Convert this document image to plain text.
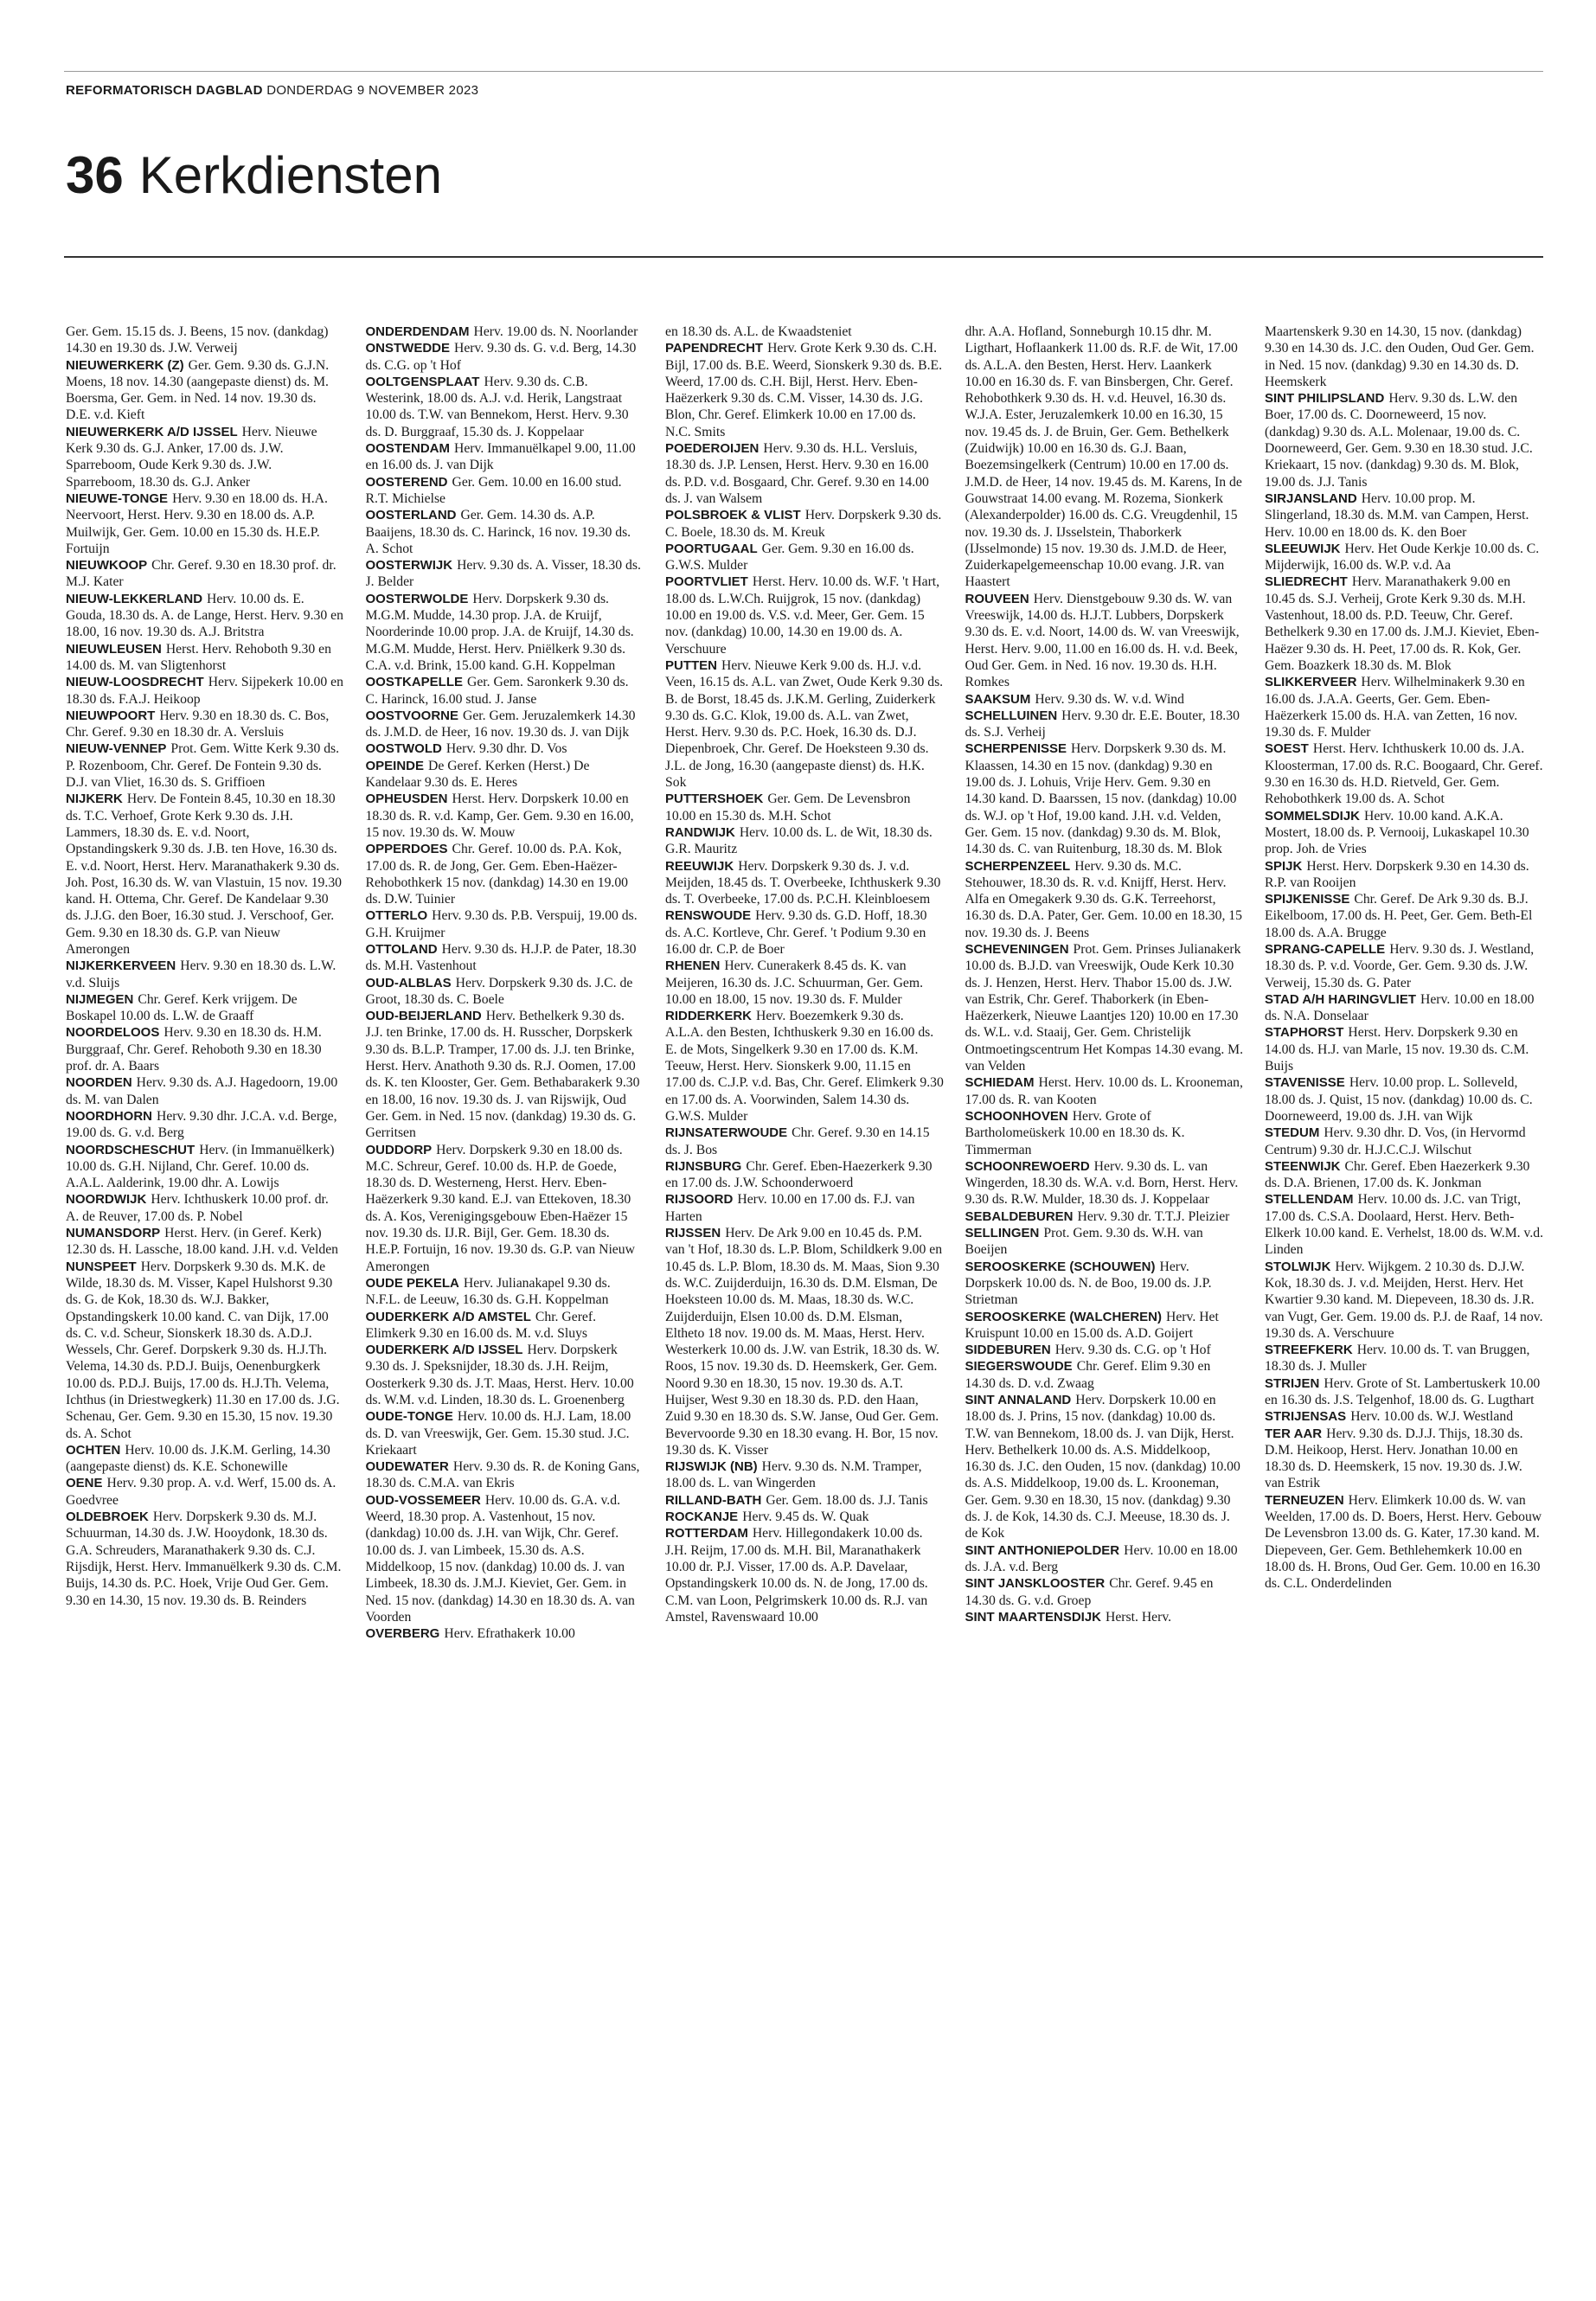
REFORMATORISCH DAGBLAD DONDERDAG 9 NOVEMBER 2023
36 Kerkdiensten

Ger. Gem. 15.15 ds. J. Beens, 15 nov. (dankdag) 14.30 en 19.30 ds. J.W. Verweij

NIEUWERKERK (Z) Ger. Gem. 9.30 ds. G.J.N. Moens, 18 nov. 14.30 (aangepaste dienst) ds. M. Boersma, Ger. Gem. in Ned. 14 nov. 19.30 ds. D.E. v.d. Kieft

NIEUWERKERK A/D IJSSEL Herv. Nieuwe Kerk 9.30 ds. G.J. Anker, 17.00 ds. J.W. Sparreboom, Oude Kerk 9.30 ds. J.W. Sparreboom, 18.30 ds. G.J. Anker

NIEUWE-TONGE Herv. 9.30 en 18.00 ds. H.A. Neervoort, Herst. Herv. 9.30 en 18.00 ds. A.P. Muilwijk, Ger. Gem. 10.00 en 15.30 ds. H.E.P. Fortuijn

NIEUWKOOP Chr. Geref. 9.30 en 18.30 prof. dr. M.J. Kater

NIEUW-LEKKERLAND Herv. 10.00 ds. E. Gouda, 18.30 ds. A. de Lange, Herst. Herv. 9.30 en 18.00, 16 nov. 19.30 ds. A.J. Britstra

NIEUWLEUSEN Herst. Herv. Rehoboth 9.30 en 14.00 ds. M. van Sligtenhorst

NIEUW-LOOSDRECHT Herv. Sijpekerk 10.00 en 18.30 ds. F.A.J. Heikoop

NIEUWPOORT Herv. 9.30 en 18.30 ds. C. Bos, Chr. Geref. 9.30 en 18.30 dr. A. Versluis

NIEUW-VENNEP Prot. Gem. Witte Kerk 9.30 ds. P. Rozenboom, Chr. Geref. De Fontein 9.30 ds. D.J. van Vliet, 16.30 ds. S. Griffioen

NIJKERK Herv. De Fontein 8.45, 10.30 en 18.30 ds. T.C. Verhoef, Grote Kerk 9.30 ds. J.H. Lammers, 18.30 ds. E. v.d. Noort, Opstandingskerk 9.30 ds. J.B. ten Hove, 16.30 ds. E. v.d. Noort, Herst. Herv. Maranathakerk 9.30 ds. Joh. Post, 16.30 ds. W. van Vlastuin, 15 nov. 19.30 kand. H. Ottema, Chr. Geref. De Kandelaar 9.30 ds. J.J.G. den Boer, 16.30 stud. J. Verschoof, Ger. Gem. 9.30 en 18.30 ds. G.P. van Nieuw Amerongen

NIJKERKERVEEN Herv. 9.30 en 18.30 ds. L.W. v.d. Sluijs

NIJMEGEN Chr. Geref. Kerk vrijgem. De Boskapel 10.00 ds. L.W. de Graaff

NOORDELOOS Herv. 9.30 en 18.30 ds. H.M. Burggraaf, Chr. Geref. Rehoboth 9.30 en 18.30 prof. dr. A. Baars

NOORDEN Herv. 9.30 ds. A.J. Hagedoorn, 19.00 ds. M. van Dalen

NOORDHORN Herv. 9.30 dhr. J.C.A. v.d. Berge, 19.00 ds. G. v.d. Berg

NOORDSCHESCHUT Herv. (in Immanuëlkerk) 10.00 ds. G.H. Nijland, Chr. Geref. 10.00 ds. A.A.L. Aalderink, 19.00 dhr. A. Lowijs

NOORDWIJK Herv. Ichthuskerk 10.00 prof. dr. A. de Reuver, 17.00 ds. P. Nobel

NUMANSDORP Herst. Herv. (in Geref. Kerk) 12.30 ds. H. Lassche, 18.00 kand. J.H. v.d. Velden

NUNSPEET Herv. Dorpskerk 9.30 ds. M.K. de Wilde, 18.30 ds. M. Visser, Kapel Hulshorst 9.30 ds. G. de Kok, 18.30 ds. W.J. Bakker, Opstandingskerk 10.00 kand. C. van Dijk, 17.00 ds. C. v.d. Scheur, Sionskerk 18.30 ds. A.D.J. Wessels, Chr. Geref. Dorpskerk 9.30 ds. H.J.Th. Velema, 14.30 ds. P.D.J. Buijs, Oenenburgkerk 10.00 ds. P.D.J. Buijs, 17.00 ds. H.J.Th. Velema, Ichthus (in Driestwegkerk) 11.30 en 17.00 ds. J.G. Schenau, Ger. Gem. 9.30 en 15.30, 15 nov. 19.30 ds. A. Schot

OCHTEN Herv. 10.00 ds. J.K.M. Gerling, 14.30 (aangepaste dienst) ds. K.E. Schonewille

OENE Herv. 9.30 prop. A. v.d. Werf, 15.00 ds. A. Goedvree

OLDEBROEK Herv. Dorpskerk 9.30 ds. M.J. Schuurman, 14.30 ds. J.W. Hooydonk, 18.30 ds. G.A. Schreuders, Maranathakerk 9.30 ds. C.J. Rijsdijk, Herst. Herv. Immanuëlkerk 9.30 ds. C.M. Buijs, 14.30 ds. P.C. Hoek, Vrije Oud Ger. Gem. 9.30 en 14.30, 15 nov. 19.30 ds. B. Reinders

ONDERDENDAM Herv. 19.00 ds. N. Noorlander

ONSTWEDDE Herv. 9.30 ds. G. v.d. Berg, 14.30 ds. C.G. op 't Hof

OOLTGENSPLAAT Herv. 9.30 ds. C.B. Westerink, 18.00 ds. A.J. v.d. Herik, Langstraat 10.00 ds. T.W. van Bennekom, Herst. Herv. 9.30 ds. D. Burggraaf, 15.30 ds. J. Koppelaar

OOSTENDAM Herv. Immanuëlkapel 9.00, 11.00 en 16.00 ds. J. van Dijk

OOSTEREND Ger. Gem. 10.00 en 16.00 stud. R.T. Michielse

OOSTERLAND Ger. Gem. 14.30 ds. A.P. Baaijens, 18.30 ds. C. Harinck, 16 nov. 19.30 ds. A. Schot

OOSTERWIJK Herv. 9.30 ds. A. Visser, 18.30 ds. J. Belder

OOSTERWOLDE Herv. Dorpskerk 9.30 ds. M.G.M. Mudde, 14.30 prop. J.A. de Kruijf, Noorderinde 10.00 prop. J.A. de Kruijf, 14.30 ds. M.G.M. Mudde, Herst. Herv. Pniëlkerk 9.30 ds. C.A. v.d. Brink, 15.00 kand. G.H. Koppelman

OOSTKAPELLE Ger. Gem. Saronkerk 9.30 ds. C. Harinck, 16.00 stud. J. Janse

OOSTVOORNE Ger. Gem. Jeruzalemkerk 14.30 ds. J.M.D. de Heer, 16 nov. 19.30 ds. J. van Dijk

OOSTWOLD Herv. 9.30 dhr. D. Vos

OPEINDE De Geref. Kerken (Herst.) De Kandelaar 9.30 ds. E. Heres

OPHEUSDEN Herst. Herv. Dorpskerk 10.00 en 18.30 ds. R. v.d. Kamp, Ger. Gem. 9.30 en 16.00, 15 nov. 19.30 ds. W. Mouw

OPPERDOES Chr. Geref. 10.00 ds. P.A. Kok, 17.00 ds. R. de Jong, Ger. Gem. Eben-Haëzer-Rehobothkerk 15 nov. (dankdag) 14.30 en 19.00 ds. D.W. Tuinier

OTTERLO Herv. 9.30 ds. P.B. Verspuij, 19.00 ds. G.H. Kruijmer

OTTOLAND Herv. 9.30 ds. H.J.P. de Pater, 18.30 ds. M.H. Vastenhout

OUD-ALBLAS Herv. Dorpskerk 9.30 ds. J.C. de Groot, 18.30 ds. C. Boele

OUD-BEIJERLAND Herv. Bethelkerk 9.30 ds. J.J. ten Brinke, 17.00 ds. H. Russcher, Dorpskerk 9.30 ds. B.L.P. Tramper, 17.00 ds. J.J. ten Brinke, Herst. Herv. Anathoth 9.30 ds. R.J. Oomen, 17.00 ds. K. ten Klooster, Ger. Gem. Bethabarakerk 9.30 en 18.00, 16 nov. 19.30 ds. J. van Rijswijk, Oud Ger. Gem. in Ned. 15 nov. (dankdag) 19.30 ds. G. Gerritsen

OUDDORP Herv. Dorpskerk 9.30 en 18.00 ds. M.C. Schreur, Geref. 10.00 ds. H.P. de Goede, 18.30 ds. D. Westerneng, Herst. Herv. Eben-Haëzerkerk 9.30 kand. E.J. van Ettekoven, 18.30 ds. A. Kos, Verenigingsgebouw Eben-Haëzer 15 nov. 19.30 ds. IJ.R. Bijl, Ger. Gem. 18.30 ds. H.E.P. Fortuijn, 16 nov. 19.30 ds. G.P. van Nieuw Amerongen

OUDE PEKELA Herv. Julianakapel 9.30 ds. N.F.L. de Leeuw, 16.30 ds. G.H. Koppelman

OUDERKERK A/D AMSTEL Chr. Geref. Elimkerk 9.30 en 16.00 ds. M. v.d. Sluys

OUDERKERK A/D IJSSEL Herv. Dorpskerk 9.30 ds. J. Speksnijder, 18.30 ds. J.H. Reijm, Oosterkerk 9.30 ds. J.T. Maas, Herst. Herv. 10.00 ds. W.M. v.d. Linden, 18.30 ds. L. Groenenberg

OUDE-TONGE Herv. 10.00 ds. H.J. Lam, 18.00 ds. D. van Vreeswijk, Ger. Gem. 15.30 stud. J.C. Kriekaart

OUDEWATER Herv. 9.30 ds. R. de Koning Gans, 18.30 ds. C.M.A. van Ekris

OUD-VOSSEMEER Herv. 10.00 ds. G.A. v.d. Weerd, 18.30 prop. A. Vastenhout, 15 nov. (dankdag) 10.00 ds. J.H. van Wijk, Chr. Geref. 10.00 ds. J. van Limbeek, 15.30 ds. A.S. Middelkoop, 15 nov. (dankdag) 10.00 ds. J. van Limbeek, 18.30 ds. J.M.J. Kieviet, Ger. Gem. in Ned. 15 nov. (dankdag) 14.30 en 18.30 ds. A. van Voorden

OVERBERG Herv. Efrathakerk 10.00

en 18.30 ds. A.L. de Kwaadsteniet

PAPENDRECHT Herv. Grote Kerk 9.30 ds. C.H. Bijl, 17.00 ds. B.E. Weerd, Sionskerk 9.30 ds. B.E. Weerd, 17.00 ds. C.H. Bijl, Herst. Herv. Eben-Haëzerkerk 9.30 ds. C.M. Visser, 14.30 ds. J.G. Blon, Chr. Geref. Elimkerk 10.00 en 17.00 ds. N.C. Smits

POEDEROIJEN Herv. 9.30 ds. H.L. Versluis, 18.30 ds. J.P. Lensen, Herst. Herv. 9.30 en 16.00 ds. P.D. v.d. Bosgaard, Chr. Geref. 9.30 en 14.00 ds. J. van Walsem

POLSBROEK & VLIST Herv. Dorpskerk 9.30 ds. C. Boele, 18.30 ds. M. Kreuk

POORTUGAAL Ger. Gem. 9.30 en 16.00 ds. G.W.S. Mulder

POORTVLIET Herst. Herv. 10.00 ds. W.F. 't Hart, 18.00 ds. L.W.Ch. Ruijgrok, 15 nov. (dankdag) 10.00 en 19.00 ds. V.S. v.d. Meer, Ger. Gem. 15 nov. (dankdag) 10.00, 14.30 en 19.00 ds. A. Verschuure

PUTTEN Herv. Nieuwe Kerk 9.00 ds. H.J. v.d. Veen, 16.15 ds. A.L. van Zwet, Oude Kerk 9.30 ds. B. de Borst, 18.45 ds. J.K.M. Gerling, Zuiderkerk 9.30 ds. G.C. Klok, 19.00 ds. A.L. van Zwet, Herst. Herv. 9.30 ds. P.C. Hoek, 16.30 ds. D.J. Diepenbroek, Chr. Geref. De Hoeksteen 9.30 ds. J.L. de Jong, 16.30 (aangepaste dienst) ds. H.K. Sok

PUTTERSHOEK Ger. Gem. De Levensbron 10.00 en 15.30 ds. M.H. Schot

RANDWIJK Herv. 10.00 ds. L. de Wit, 18.30 ds. G.R. Mauritz

REEUWIJK Herv. Dorpskerk 9.30 ds. J. v.d. Meijden, 18.45 ds. T. Overbeeke, Ichthuskerk 9.30 ds. T. Overbeeke, 17.00 ds. P.C.H. Kleinbloesem

RENSWOUDE Herv. 9.30 ds. G.D. Hoff, 18.30 ds. A.C. Kortleve, Chr. Geref. 't Podium 9.30 en 16.00 dr. C.P. de Boer

RHENEN Herv. Cunerakerk 8.45 ds. K. van Meijeren, 16.30 ds. J.C. Schuurman, Ger. Gem. 10.00 en 18.00, 15 nov. 19.30 ds. F. Mulder

RIDDERKERK Herv. Boezemkerk 9.30 ds. A.L.A. den Besten, Ichthuskerk 9.30 en 16.00 ds. E. de Mots, Singelkerk 9.30 en 17.00 ds. K.M. Teeuw, Herst. Herv. Sionskerk 9.00, 11.15 en 17.00 ds. C.J.P. v.d. Bas, Chr. Geref. Elimkerk 9.30 en 17.00 ds. A. Voorwinden, Salem 14.30 ds. G.W.S. Mulder

RIJNSATERWOUDE Chr. Geref. 9.30 en 14.15 ds. J. Bos

RIJNSBURG Chr. Geref. Eben-Haezerkerk 9.30 en 17.00 ds. J.W. Schoonderwoerd

RIJSOORD Herv. 10.00 en 17.00 ds. F.J. van Harten

RIJSSEN Herv. De Ark 9.00 en 10.45 ds. P.M. van 't Hof, 18.30 ds. L.P. Blom, Schildkerk 9.00 en 10.45 ds. L.P. Blom, 18.30 ds. M. Maas, Sion 9.30 ds. W.C. Zuijderduijn, 16.30 ds. D.M. Elsman, De Hoeksteen 10.00 ds. M. Maas, 18.30 ds. W.C. Zuijderduijn, Elsen 10.00 ds. D.M. Elsman, Eltheto 18 nov. 19.00 ds. M. Maas, Herst. Herv. Westerkerk 10.00 ds. J.W. van Estrik, 18.30 ds. W. Roos, 15 nov. 19.30 ds. D. Heemskerk, Ger. Gem. Noord 9.30 en 18.30, 15 nov. 19.30 ds. A.T. Huijser, West 9.30 en 18.30 ds. P.D. den Haan, Zuid 9.30 en 18.30 ds. S.W. Janse, Oud Ger. Gem. Bevervoorde 9.30 en 18.30 evang. H. Bor, 15 nov. 19.30 ds. K. Visser

RIJSWIJK (NB) Herv. 9.30 ds. N.M. Tramper, 18.00 ds. L. van Wingerden

RILLAND-BATH Ger. Gem. 18.00 ds. J.J. Tanis

ROCKANJE Herv. 9.45 ds. W. Quak

ROTTERDAM Herv. Hillegondakerk 10.00 ds. J.H. Reijm, 17.00 ds. M.H. Bil, Maranathakerk 10.00 dr. P.J. Visser, 17.00 ds. A.P. Davelaar, Opstandingskerk 10.00 ds. N. de Jong, 17.00 ds. C.M. van Loon, Pelgrimskerk 10.00 ds. R.J. van Amstel, Ravenswaard 10.00

dhr. A.A. Hofland, Sonneburgh 10.15 dhr. M. Ligthart, Hoflaankerk 11.00 ds. R.F. de Wit, 17.00 ds. A.L.A. den Besten, Herst. Herv. Laankerk 10.00 en 16.30 ds. F. van Binsbergen, Chr. Geref. Rehobothkerk 9.30 ds. H. v.d. Heuvel, 16.30 ds. W.J.A. Ester, Jeruzalemkerk 10.00 en 16.30, 15 nov. 19.45 ds. J. de Bruin, Ger. Gem. Bethelkerk (Zuidwijk) 10.00 en 16.30 ds. G.J. Baan, Boezemsingelkerk (Centrum) 10.00 en 17.00 ds. J.M.D. de Heer, 14 nov. 19.45 ds. M. Karens, In de Gouwstraat 14.00 evang. M. Rozema, Sionkerk (Alexanderpolder) 16.00 ds. C.G. Vreugdenhil, 15 nov. 19.30 ds. J. IJsselstein, Thaborkerk (IJsselmonde) 15 nov. 19.30 ds. J.M.D. de Heer, Zuiderkapelgemeenschap 10.00 evang. J.R. van Haastert

ROUVEEN Herv. Dienstgebouw 9.30 ds. W. van Vreeswijk, 14.00 ds. H.J.T. Lubbers, Dorpskerk 9.30 ds. E. v.d. Noort, 14.00 ds. W. van Vreeswijk, Herst. Herv. 9.00, 11.00 en 16.00 ds. H. v.d. Beek, Oud Ger. Gem. in Ned. 16 nov. 19.30 ds. H.H. Romkes

SAAKSUM Herv. 9.30 ds. W. v.d. Wind

SCHELLUINEN Herv. 9.30 dr. E.E. Bouter, 18.30 ds. S.J. Verheij

SCHERPENISSE Herv. Dorpskerk 9.30 ds. M. Klaassen, 14.30 en 15 nov. (dankdag) 9.30 en 19.00 ds. J. Lohuis, Vrije Herv. Gem. 9.30 en 14.30 kand. D. Baarssen, 15 nov. (dankdag) 10.00 ds. W.J. op 't Hof, 19.00 kand. J.H. v.d. Velden, Ger. Gem. 15 nov. (dankdag) 9.30 ds. M. Blok, 14.30 ds. C. van Ruitenburg, 18.30 ds. M. Blok

SCHERPENZEEL Herv. 9.30 ds. M.C. Stehouwer, 18.30 ds. R. v.d. Knijff, Herst. Herv. Alfa en Omegakerk 9.30 ds. G.K. Terreehorst, 16.30 ds. D.A. Pater, Ger. Gem. 10.00 en 18.30, 15 nov. 19.30 ds. J. Beens

SCHEVENINGEN Prot. Gem. Prinses Julianakerk 10.00 ds. B.J.D. van Vreeswijk, Oude Kerk 10.30 ds. J. Henzen, Herst. Herv. Thabor 15.00 ds. J.W. van Estrik, Chr. Geref. Thaborkerk (in Eben-Haëzerkerk, Nieuwe Laantjes 120) 10.00 en 17.30 ds. W.L. v.d. Staaij, Ger. Gem. Christelijk Ontmoetingscentrum Het Kompas 14.30 evang. M. van Velden

SCHIEDAM Herst. Herv. 10.00 ds. L. Krooneman, 17.00 ds. R. van Kooten

SCHOONHOVEN Herv. Grote of Bartholomeüskerk 10.00 en 18.30 ds. K. Timmerman

SCHOONREWOERD Herv. 9.30 ds. L. van Wingerden, 18.30 ds. W.A. v.d. Born, Herst. Herv. 9.30 ds. R.W. Mulder, 18.30 ds. J. Koppelaar

SEBALDEBUREN Herv. 9.30 dr. T.T.J. Pleizier

SELLINGEN Prot. Gem. 9.30 ds. W.H. van Boeijen

SEROOSKERKE (SCHOUWEN) Herv. Dorpskerk 10.00 ds. N. de Boo, 19.00 ds. J.P. Strietman

SEROOSKERKE (WALCHEREN) Herv. Het Kruispunt 10.00 en 15.00 ds. A.D. Goijert

SIDDEBUREN Herv. 9.30 ds. C.G. op 't Hof

SIEGERSWOUDE Chr. Geref. Elim 9.30 en 14.30 ds. D. v.d. Zwaag

SINT ANNALAND Herv. Dorpskerk 10.00 en 18.00 ds. J. Prins, 15 nov. (dankdag) 10.00 ds. T.W. van Bennekom, 18.00 ds. J. van Dijk, Herst. Herv. Bethelkerk 10.00 ds. A.S. Middelkoop, 16.30 ds. J.C. den Ouden, 15 nov. (dankdag) 10.00 ds. A.S. Middelkoop, 19.00 ds. L. Krooneman, Ger. Gem. 9.30 en 18.30, 15 nov. (dankdag) 9.30 ds. J. de Kok, 14.30 ds. C.J. Meeuse, 18.30 ds. J. de Kok

SINT ANTHONIEPOLDER Herv. 10.00 en 18.00 ds. J.A. v.d. Berg

SINT JANSKLOOSTER Chr. Geref. 9.45 en 14.30 ds. G. v.d. Groep

SINT MAARTENSDIJK Herst. Herv.

Maartenskerk 9.30 en 14.30, 15 nov. (dankdag) 9.30 en 14.30 ds. J.C. den Ouden, Oud Ger. Gem. in Ned. 15 nov. (dankdag) 9.30 en 14.30 ds. D. Heemskerk

SINT PHILIPSLAND Herv. 9.30 ds. L.W. den Boer, 17.00 ds. C. Doorneweerd, 15 nov. (dankdag) 9.30 ds. A.L. Molenaar, 19.00 ds. C. Doorneweerd, Ger. Gem. 9.30 en 18.30 stud. J.C. Kriekaart, 15 nov. (dankdag) 9.30 ds. M. Blok, 19.00 ds. J.J. Tanis

SIRJANSLAND Herv. 10.00 prop. M. Slingerland, 18.30 ds. M.M. van Campen, Herst. Herv. 10.00 en 18.00 ds. K. den Boer

SLEEUWIJK Herv. Het Oude Kerkje 10.00 ds. C. Mijderwijk, 16.00 ds. W.P. v.d. Aa

SLIEDRECHT Herv. Maranathakerk 9.00 en 10.45 ds. S.J. Verheij, Grote Kerk 9.30 ds. M.H. Vastenhout, 18.00 ds. P.D. Teeuw, Chr. Geref. Bethelkerk 9.30 en 17.00 ds. J.M.J. Kieviet, Eben-Haëzer 9.30 ds. H. Peet, 17.00 ds. R. Kok, Ger. Gem. Boazkerk 18.30 ds. M. Blok

SLIKKERVEER Herv. Wilhelminakerk 9.30 en 16.00 ds. J.A.A. Geerts, Ger. Gem. Eben-Haëzerkerk 15.00 ds. H.A. van Zetten, 16 nov. 19.30 ds. F. Mulder

SOEST Herst. Herv. Ichthuskerk 10.00 ds. J.A. Kloosterman, 17.00 ds. R.C. Boogaard, Chr. Geref. 9.30 en 16.30 ds. H.D. Rietveld, Ger. Gem. Rehobothkerk 19.00 ds. A. Schot

SOMMELSDIJK Herv. 10.00 kand. A.K.A. Mostert, 18.00 ds. P. Vernooij, Lukaskapel 10.30 prop. Joh. de Vries

SPIJK Herst. Herv. Dorpskerk 9.30 en 14.30 ds. R.P. van Rooijen

SPIJKENISSE Chr. Geref. De Ark 9.30 ds. B.J. Eikelboom, 17.00 ds. H. Peet, Ger. Gem. Beth-El 18.00 ds. A.A. Brugge

SPRANG-CAPELLE Herv. 9.30 ds. J. Westland, 18.30 ds. P. v.d. Voorde, Ger. Gem. 9.30 ds. J.W. Verweij, 15.30 ds. G. Pater

STAD A/H HARINGVLIET Herv. 10.00 en 18.00 ds. N.A. Donselaar

STAPHORST Herst. Herv. Dorpskerk 9.30 en 14.00 ds. H.J. van Marle, 15 nov. 19.30 ds. C.M. Buijs

STAVENISSE Herv. 10.00 prop. L. Solleveld, 18.00 ds. J. Quist, 15 nov. (dankdag) 10.00 ds. C. Doorneweerd, 19.00 ds. J.H. van Wijk

STEDUM Herv. 9.30 dhr. D. Vos, (in Hervormd Centrum) 9.30 dr. H.J.C.C.J. Wilschut

STEENWIJK Chr. Geref. Eben Haezerkerk 9.30 ds. D.A. Brienen, 17.00 ds. K. Jonkman

STELLENDAM Herv. 10.00 ds. J.C. van Trigt, 17.00 ds. C.S.A. Doolaard, Herst. Herv. Beth-Elkerk 10.00 kand. E. Verhelst, 18.00 ds. W.M. v.d. Linden

STOLWIJK Herv. Wijkgem. 2 10.30 ds. D.J.W. Kok, 18.30 ds. J. v.d. Meijden, Herst. Herv. Het Kwartier 9.30 kand. M. Diepeveen, 18.30 ds. J.R. van Vugt, Ger. Gem. 19.00 ds. P.J. de Raaf, 14 nov. 19.30 ds. A. Verschuure

STREEFKERK Herv. 10.00 ds. T. van Bruggen, 18.30 ds. J. Muller

STRIJEN Herv. Grote of St. Lambertuskerk 10.00 en 16.30 ds. J.S. Telgenhof, 18.00 ds. G. Lugthart

STRIJENSAS Herv. 10.00 ds. W.J. Westland

TER AAR Herv. 9.30 ds. D.J.J. Thijs, 18.30 ds. D.M. Heikoop, Herst. Herv. Jonathan 10.00 en 18.30 ds. D. Heemskerk, 15 nov. 19.30 ds. J.W. van Estrik

TERNEUZEN Herv. Elimkerk 10.00 ds. W. van Weelden, 17.00 ds. D. Boers, Herst. Herv. Gebouw De Levensbron 13.00 ds. G. Kater, 17.30 kand. M. Diepeveen, Ger. Gem. Bethlehemkerk 10.00 en 18.00 ds. H. Brons, Oud Ger. Gem. 10.00 en 16.30 ds. C.L. Onderdelinden
